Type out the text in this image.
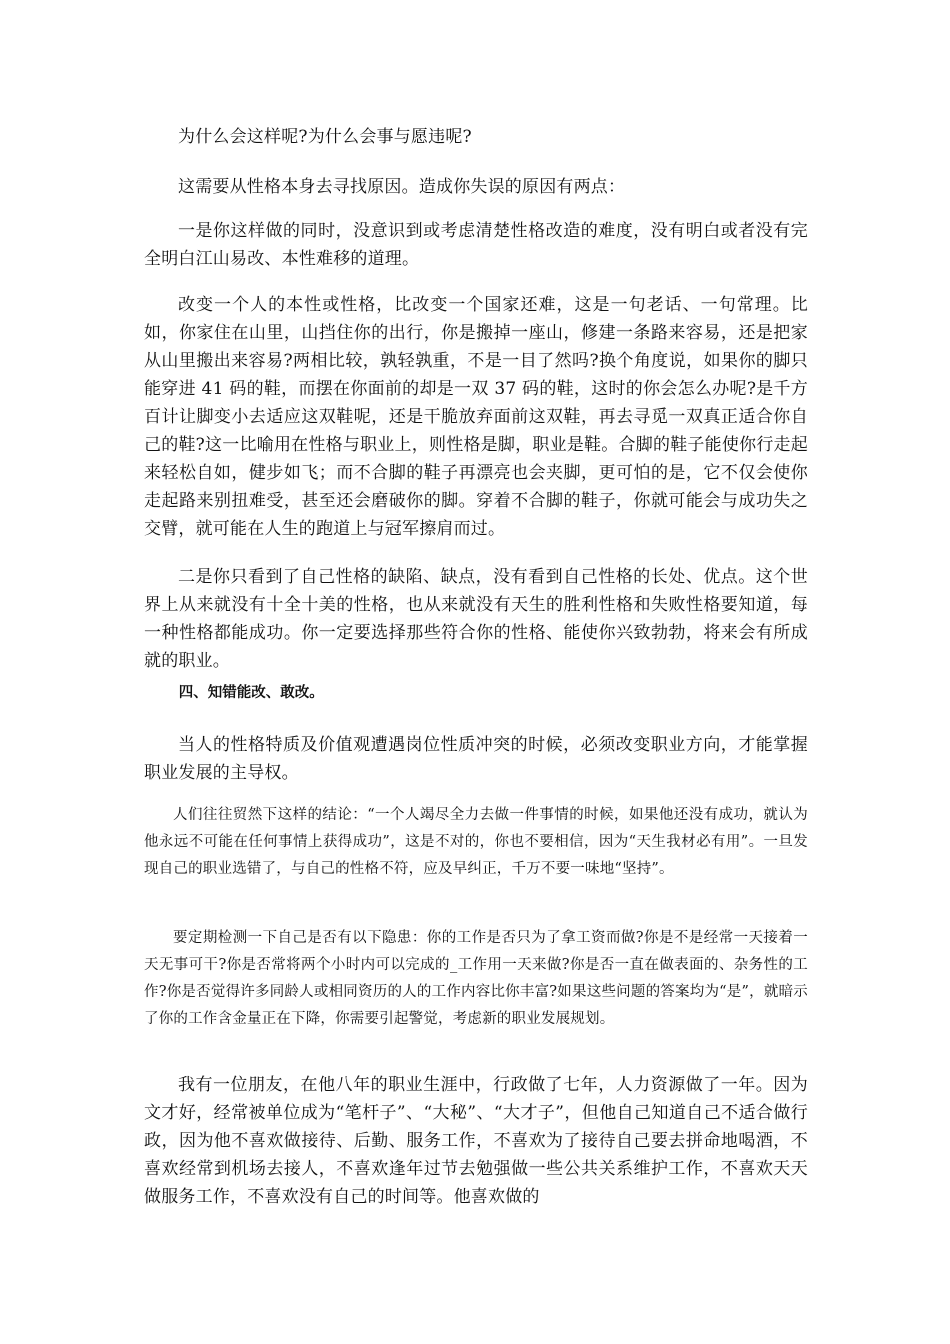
为什么会这样呢?为什么会事与愿违呢?

这需要从性格本身去寻找原因。造成你失误的原因有两点：

一是你这样做的同时，没意识到或考虑清楚性格改造的难度，没有明白或者没有完全明白江山易改、本性难移的道理。

改变一个人的本性或性格，比改变一个国家还难，这是一句老话、一句常理。比如，你家住在山里，山挡住你的出行，你是搬掉一座山，修建一条路来容易，还是把家从山里搬出来容易?两相比较，孰轻孰重，不是一目了然吗?换个角度说，如果你的脚只能穿进 41 码的鞋，而摆在你面前的却是一双 37 码的鞋，这时的你会怎么办呢?是千方百计让脚变小去适应这双鞋呢，还是干脆放弃面前这双鞋，再去寻觅一双真正适合你自己的鞋?这一比喻用在性格与职业上，则性格是脚，职业是鞋。合脚的鞋子能使你行走起来轻松自如，健步如飞；而不合脚的鞋子再漂亮也会夹脚，更可怕的是，它不仅会使你走起路来别扭难受，甚至还会磨破你的脚。穿着不合脚的鞋子，你就可能会与成功失之交臂，就可能在人生的跑道上与冠军擦肩而过。

二是你只看到了自己性格的缺陷、缺点，没有看到自己性格的长处、优点。这个世界上从来就没有十全十美的性格，也从来就没有天生的胜利性格和失败性格要知道，每一种性格都能成功。你一定要选择那些符合你的性格、能使你兴致勃勃，将来会有所成就的职业。

四、知错能改、敢改。

当人的性格特质及价值观遭遇岗位性质冲突的时候，必须改变职业方向，才能掌握职业发展的主导权。

人们往往贸然下这样的结论：“一个人竭尽全力去做一件事情的时候，如果他还没有成功，就认为他永远不可能在任何事情上获得成功”，这是不对的，你也不要相信，因为“天生我材必有用”。一旦发现自己的职业选错了，与自己的性格不符，应及早纠正，千万不要一味地“坚持”。

要定期检测一下自己是否有以下隐患：你的工作是否只为了拿工资而做?你是不是经常一天接着一天无事可干?你是否常将两个小时内可以完成的_工作用一天来做?你是否一直在做表面的、杂务性的工作?你是否觉得许多同龄人或相同资历的人的工作内容比你丰富?如果这些问题的答案均为“是”，就暗示了你的工作含金量正在下降，你需要引起警觉，考虑新的职业发展规划。

我有一位朋友，在他八年的职业生涯中，行政做了七年，人力资源做了一年。因为文才好，经常被单位成为“笔杆子”、“大秘”、“大才子”，但他自己知道自己不适合做行政，因为他不喜欢做接待、后勤、服务工作，不喜欢为了接待自己要去拼命地喝酒，不喜欢经常到机场去接人，不喜欢逢年过节去勉强做一些公共关系维护工作，不喜欢天天做服务工作，不喜欢没有自己的时间等。他喜欢做的
